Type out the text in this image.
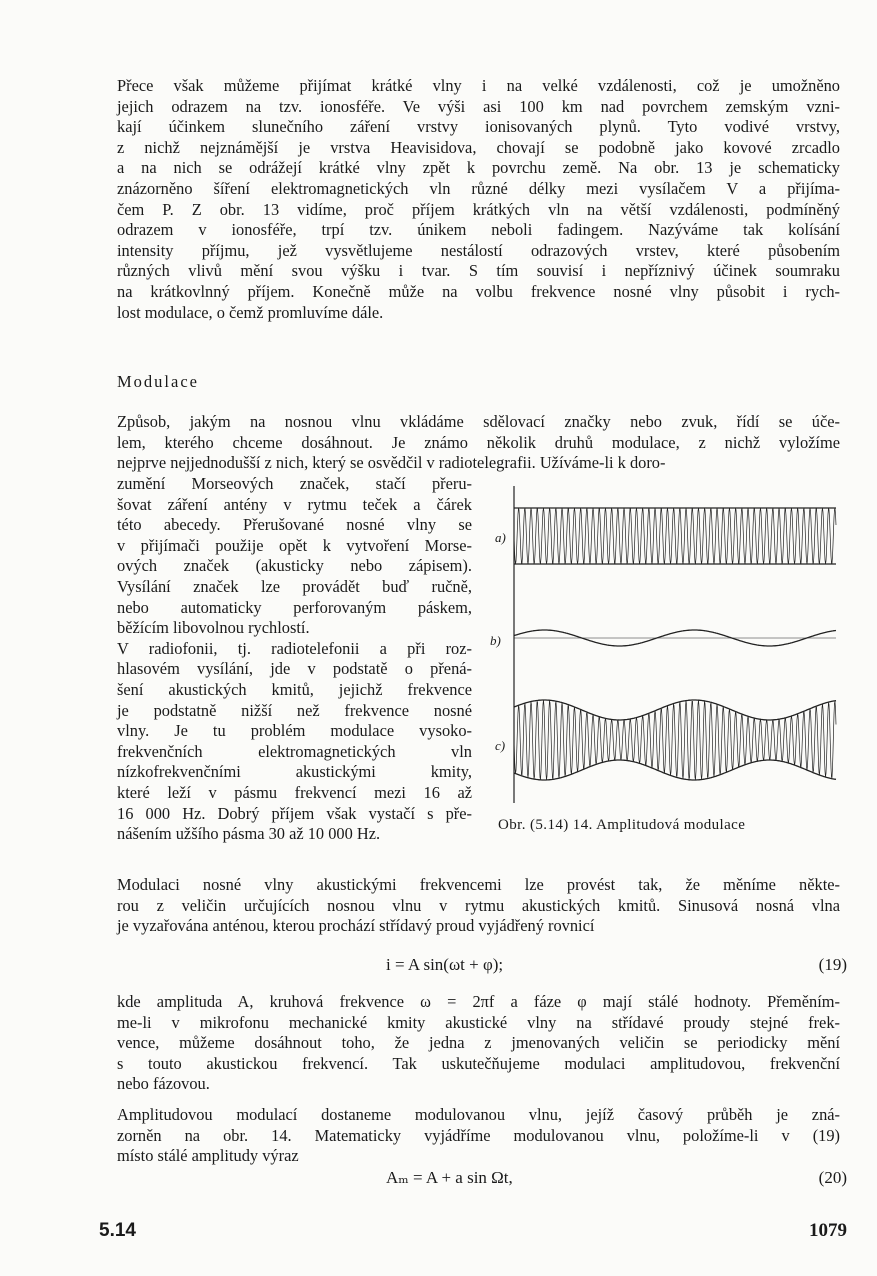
Přece však můžeme přijímat krátké vlny i na velké vzdálenosti, což je umožněno
jejich odrazem na tzv. ionosféře. Ve výši asi 100 km nad povrchem zemským vzni-
kají účinkem slunečního záření vrstvy ionisovaných plynů. Tyto vodivé vrstvy,
z nichž nejznámější je vrstva Heavisidova, chovají se podobně jako kovové zrcadlo
a na nich se odrážejí krátké vlny zpět k povrchu země. Na obr. 13 je schematicky
znázorněno šíření elektromagnetických vln různé délky mezi vysílačem V a přijíma-
čem P. Z obr. 13 vidíme, proč příjem krátkých vln na větší vzdálenosti, podmíněný
odrazem v ionosféře, trpí tzv. únikem neboli fadingem. Nazýváme tak kolísání
intensity příjmu, jež vysvětlujeme nestálostí odrazových vrstev, které působením
různých vlivů mění svou výšku i tvar. S tím souvisí i nepříznivý účinek soumraku
na krátkovlnný příjem. Konečně může na volbu frekvence nosné vlny působit i rych-
lost modulace, o čemž promluvíme dále.
Modulace
Způsob, jakým na nosnou vlnu vkládáme sdělovací značky nebo zvuk, řídí se úče-
lem, kterého chceme dosáhnout. Je známo několik druhů modulace, z nichž vyložíme
nejprve nejjednodušší z nich, který se osvědčil v radiotelegrafii. Užíváme-li k doro-
zumění Morseových značek, stačí přeru-
šovat záření antény v rytmu teček a čárek
této abecedy. Přerušované nosné vlny se
v přijímači použije opět k vytvoření Morse-
ových značek (akusticky nebo zápisem).
Vysílání značek lze provádět buď ručně,
nebo automaticky perforovaným páskem,
běžícím libovolnou rychlostí.
V radiofonii, tj. radiotelefonii a při roz-
hlasovém vysílání, jde v podstatě o přená-
šení akustických kmitů, jejichž frekvence
je podstatně nižší než frekvence nosné
vlny. Je tu problém modulace vysoko-
frekvenčních elektromagnetických vln
nízkofrekvenčními akustickými kmity,
které leží v pásmu frekvencí mezi 16 až
16 000 Hz. Dobrý příjem však vystačí s pře-
nášením užšího pásma 30 až 10 000 Hz.
a)
b)
c)
Obr. (5.14) 14. Amplitudová modulace
Modulaci nosné vlny akustickými frekvencemi lze provést tak, že měníme někte-
rou z veličin určujících nosnou vlnu v rytmu akustických kmitů. Sinusová nosná vlna
je vyzařována anténou, kterou prochází střídavý proud vyjádřený rovnicí
i = A sin(ωt + φ);	(19)
kde amplituda A, kruhová frekvence ω = 2πf a fáze φ mají stálé hodnoty. Přeměním-
me-li v mikrofonu mechanické kmity akustické vlny na střídavé proudy stejné frek-
vence, můžeme dosáhnout toho, že jedna z jmenovaných veličin se periodicky mění
s touto akustickou frekvencí. Tak uskutečňujeme modulaci amplitudovou, frekvenční
nebo fázovou.
Amplitudovou modulací dostaneme modulovanou vlnu, jejíž časový průběh je zná-
zorněn na obr. 14. Matematicky vyjádříme modulovanou vlnu, položíme-li v (19)
místo stálé amplitudy výraz
Aₘ = A + a sin Ωt,	(20)
5.14	1079
